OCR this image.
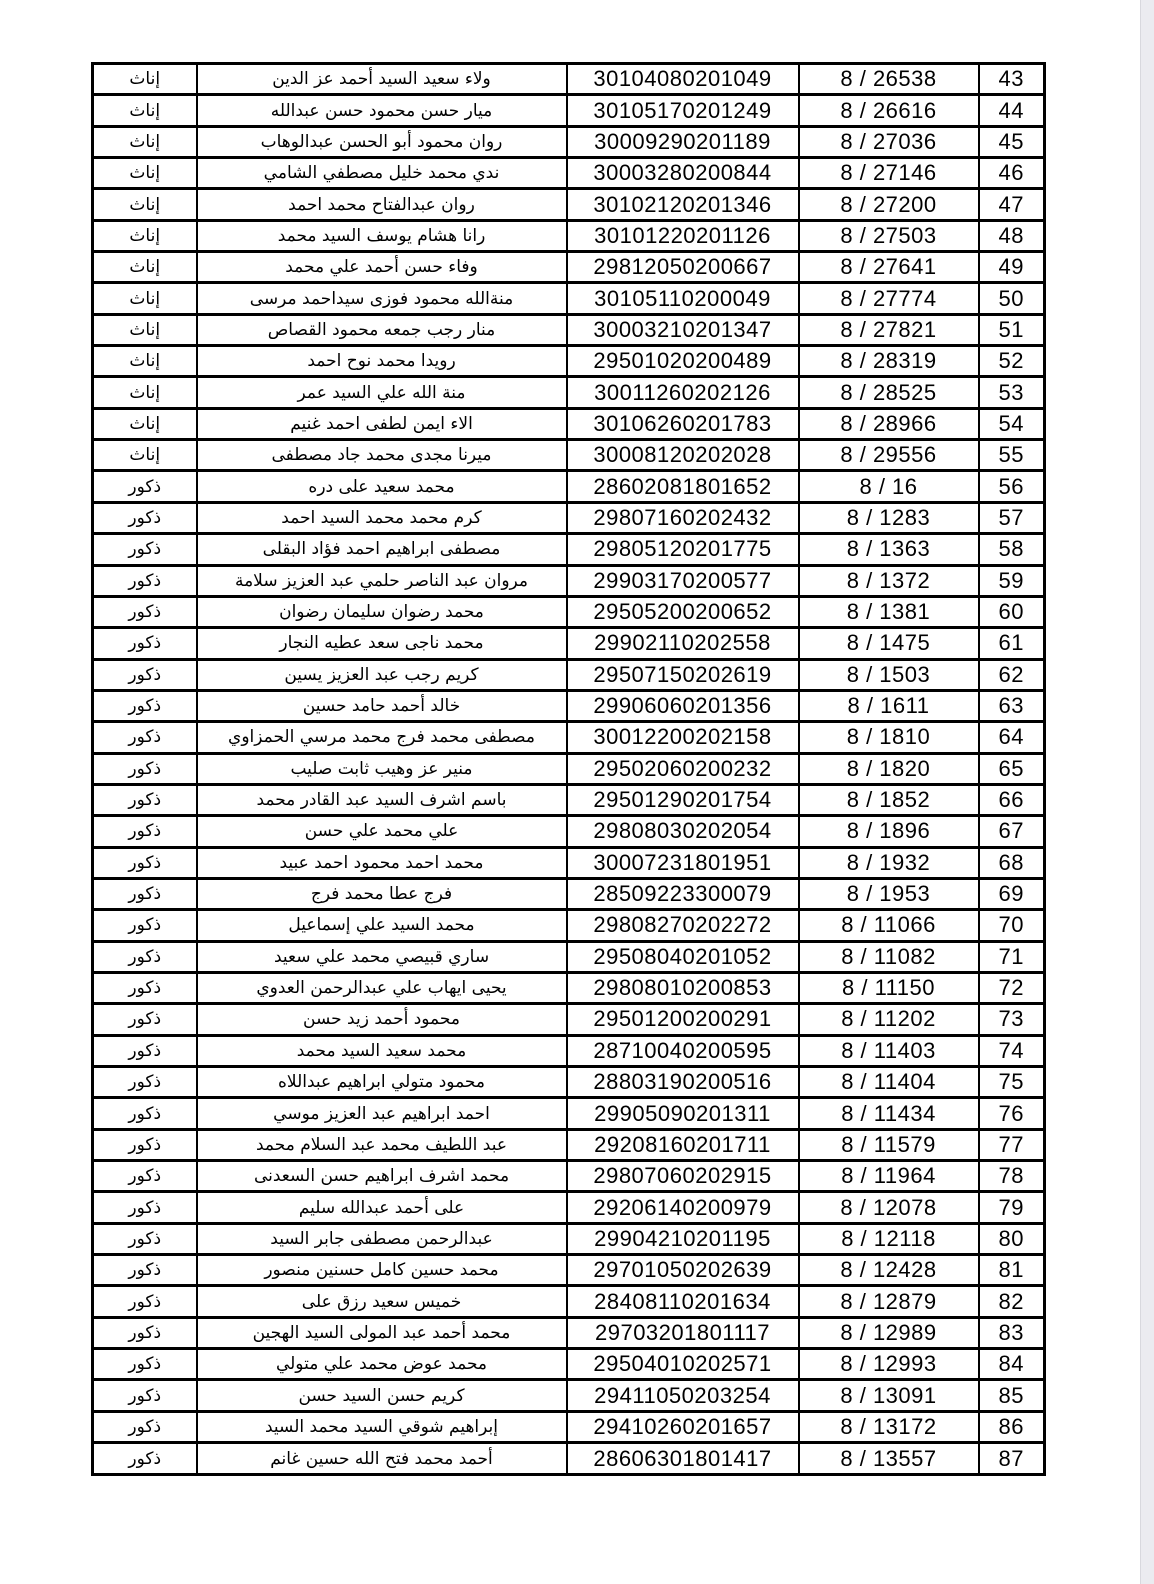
إناث	ولاء سعيد السيد أحمد عز الدين	30104080201049	8 / 26538	43
إناث	ميار حسن محمود حسن عبدالله	30105170201249	8 / 26616	44
إناث	روان محمود أبو الحسن عبدالوهاب	30009290201189	8 / 27036	45
إناث	ندي محمد خليل مصطفي الشامي	30003280200844	8 / 27146	46
إناث	روان عبدالفتاح محمد احمد	30102120201346	8 / 27200	47
إناث	رانا هشام يوسف السيد محمد	30101220201126	8 / 27503	48
إناث	وفاء حسن أحمد علي محمد	29812050200667	8 / 27641	49
إناث	منةالله محمود فوزى سيداحمد مرسى	30105110200049	8 / 27774	50
إناث	منار رجب جمعه محمود القصاص	30003210201347	8 / 27821	51
إناث	رويدا محمد نوح احمد	29501020200489	8 / 28319	52
إناث	منة الله علي السيد عمر	30011260202126	8 / 28525	53
إناث	الاء ايمن لطفى احمد غنيم	30106260201783	8 / 28966	54
إناث	ميرنا مجدى محمد جاد مصطفى	30008120202028	8 / 29556	55
ذكور	محمد سعيد على دره	28602081801652	8 / 16	56
ذكور	كرم محمد محمد السيد احمد	29807160202432	8 / 1283	57
ذكور	مصطفى ابراهيم احمد فؤاد البقلى	29805120201775	8 / 1363	58
ذكور	مروان عبد الناصر حلمي عبد العزيز سلامة	29903170200577	8 / 1372	59
ذكور	محمد رضوان سليمان رضوان	29505200200652	8 / 1381	60
ذكور	محمد ناجى سعد عطيه النجار	29902110202558	8 / 1475	61
ذكور	كريم رجب عبد العزيز يسين	29507150202619	8 / 1503	62
ذكور	خالد أحمد حامد حسين	29906060201356	8 / 1611	63
ذكور	مصطفى محمد فرج محمد مرسي الحمزاوي	30012200202158	8 / 1810	64
ذكور	منير عز وهيب ثابت صليب	29502060200232	8 / 1820	65
ذكور	باسم اشرف السيد عبد القادر محمد	29501290201754	8 / 1852	66
ذكور	علي محمد علي حسن	29808030202054	8 / 1896	67
ذكور	محمد احمد محمود احمد عبيد	30007231801951	8 / 1932	68
ذكور	فرج عطا محمد فرج	28509223300079	8 / 1953	69
ذكور	محمد السيد علي إسماعيل	29808270202272	8 / 11066	70
ذكور	ساري قبيصي محمد علي سعيد	29508040201052	8 / 11082	71
ذكور	يحيى ايهاب علي عبدالرحمن العدوي	29808010200853	8 / 11150	72
ذكور	محمود أحمد زيد حسن	29501200200291	8 / 11202	73
ذكور	محمد سعيد السيد محمد	28710040200595	8 / 11403	74
ذكور	محمود متولي ابراهيم عبداللاه	28803190200516	8 / 11404	75
ذكور	احمد ابراهيم عبد العزيز موسي	29905090201311	8 / 11434	76
ذكور	عبد اللطيف محمد عبد السلام محمد	29208160201711	8 / 11579	77
ذكور	محمد اشرف ابراهيم حسن السعدنى	29807060202915	8 / 11964	78
ذكور	على أحمد عبدالله سليم	29206140200979	8 / 12078	79
ذكور	عبدالرحمن مصطفى جابر السيد	29904210201195	8 / 12118	80
ذكور	محمد حسين كامل حسنين منصور	29701050202639	8 / 12428	81
ذكور	خميس سعيد رزق على	28408110201634	8 / 12879	82
ذكور	محمد أحمد عبد المولى السيد الهجين	29703201801117	8 / 12989	83
ذكور	محمد عوض محمد علي متولي	29504010202571	8 / 12993	84
ذكور	كريم حسن السيد حسن	29411050203254	8 / 13091	85
ذكور	إبراهيم شوقي السيد محمد السيد	29410260201657	8 / 13172	86
ذكور	أحمد محمد فتح الله حسين غانم	28606301801417	8 / 13557	87
